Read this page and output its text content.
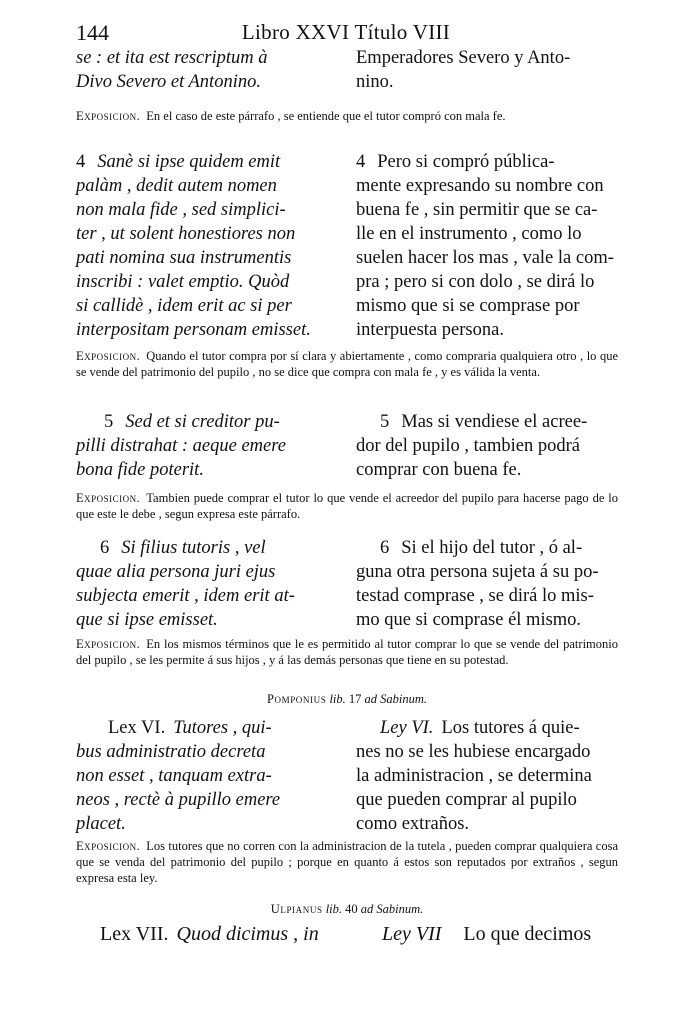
144	Libro XXVI Título VIII
se : et ita est rescriptum à
Divo Severo et Antonino.
Emperadores Severo y Anto-
nino.
Exposicion. En el caso de este párrafo , se entiende que el tutor compró con mala fe.
4 Sanè si ipse quidem emit
palàm , dedit autem nomen
non mala fide , sed simplici-
ter , ut solent honestiores non
pati nomina sua instrumentis
inscribi : valet emptio. Quòd
si callidè , idem erit ac si per
interpositam personam emisset.
4 Pero si compró pública-
mente expresando su nombre con
buena fe , sin permitir que se ca-
lle en el instrumento , como lo
suelen hacer los mas , vale la com-
pra ; pero si con dolo , se dirá lo
mismo que si se comprase por
interpuesta persona.
Exposicion. Quando el tutor compra por sí clara y abiertamente , como compraria qualquiera otro , lo que se vende del patrimonio del pupilo , no se dice que compra con mala fe , y es válida la venta.
5 Sed et si creditor pu-
pilli distrahat : aeque emere
bona fide poterit.
5 Mas si vendiese el acree-
dor del pupilo , tambien podrá
comprar con buena fe.
Exposicion. Tambien puede comprar el tutor lo que vende el acreedor del pupilo para hacerse pago de lo que este le debe , segun expresa este párrafo.
6 Si filius tutoris , vel
quae alia persona juri ejus
subjecta emerit , idem erit at-
que si ipse emisset.
6 Si el hijo del tutor , ó al-
guna otra persona sujeta á su po-
testad comprase , se dirá lo mis-
mo que si comprase él mismo.
Exposicion. En los mismos términos que le es permitido al tutor comprar lo que se vende del patrimonio del pupilo , se les permite á sus hijos , y á las demás personas que tiene en su potestad.
Pomponius lib. 17 ad Sabinum.
Lex VI. Tutores , qui-
bus administratio decreta
non esset , tanquam extra-
neos , rectè à pupillo emere
placet.
Ley VI. Los tutores á quie-
nes no se les hubiese encargado
la administracion , se determina
que pueden comprar al pupilo
como extraños.
Exposicion. Los tutores que no corren con la administracion de la tutela , pueden comprar qualquiera cosa que se venda del patrimonio del pupilo ; porque en quanto á estos son reputados por extraños , segun expresa esta ley.
Ulpianus lib. 40 ad Sabinum.
Lex VII. Quod dicimus , in	Ley VII Lo que decimos
